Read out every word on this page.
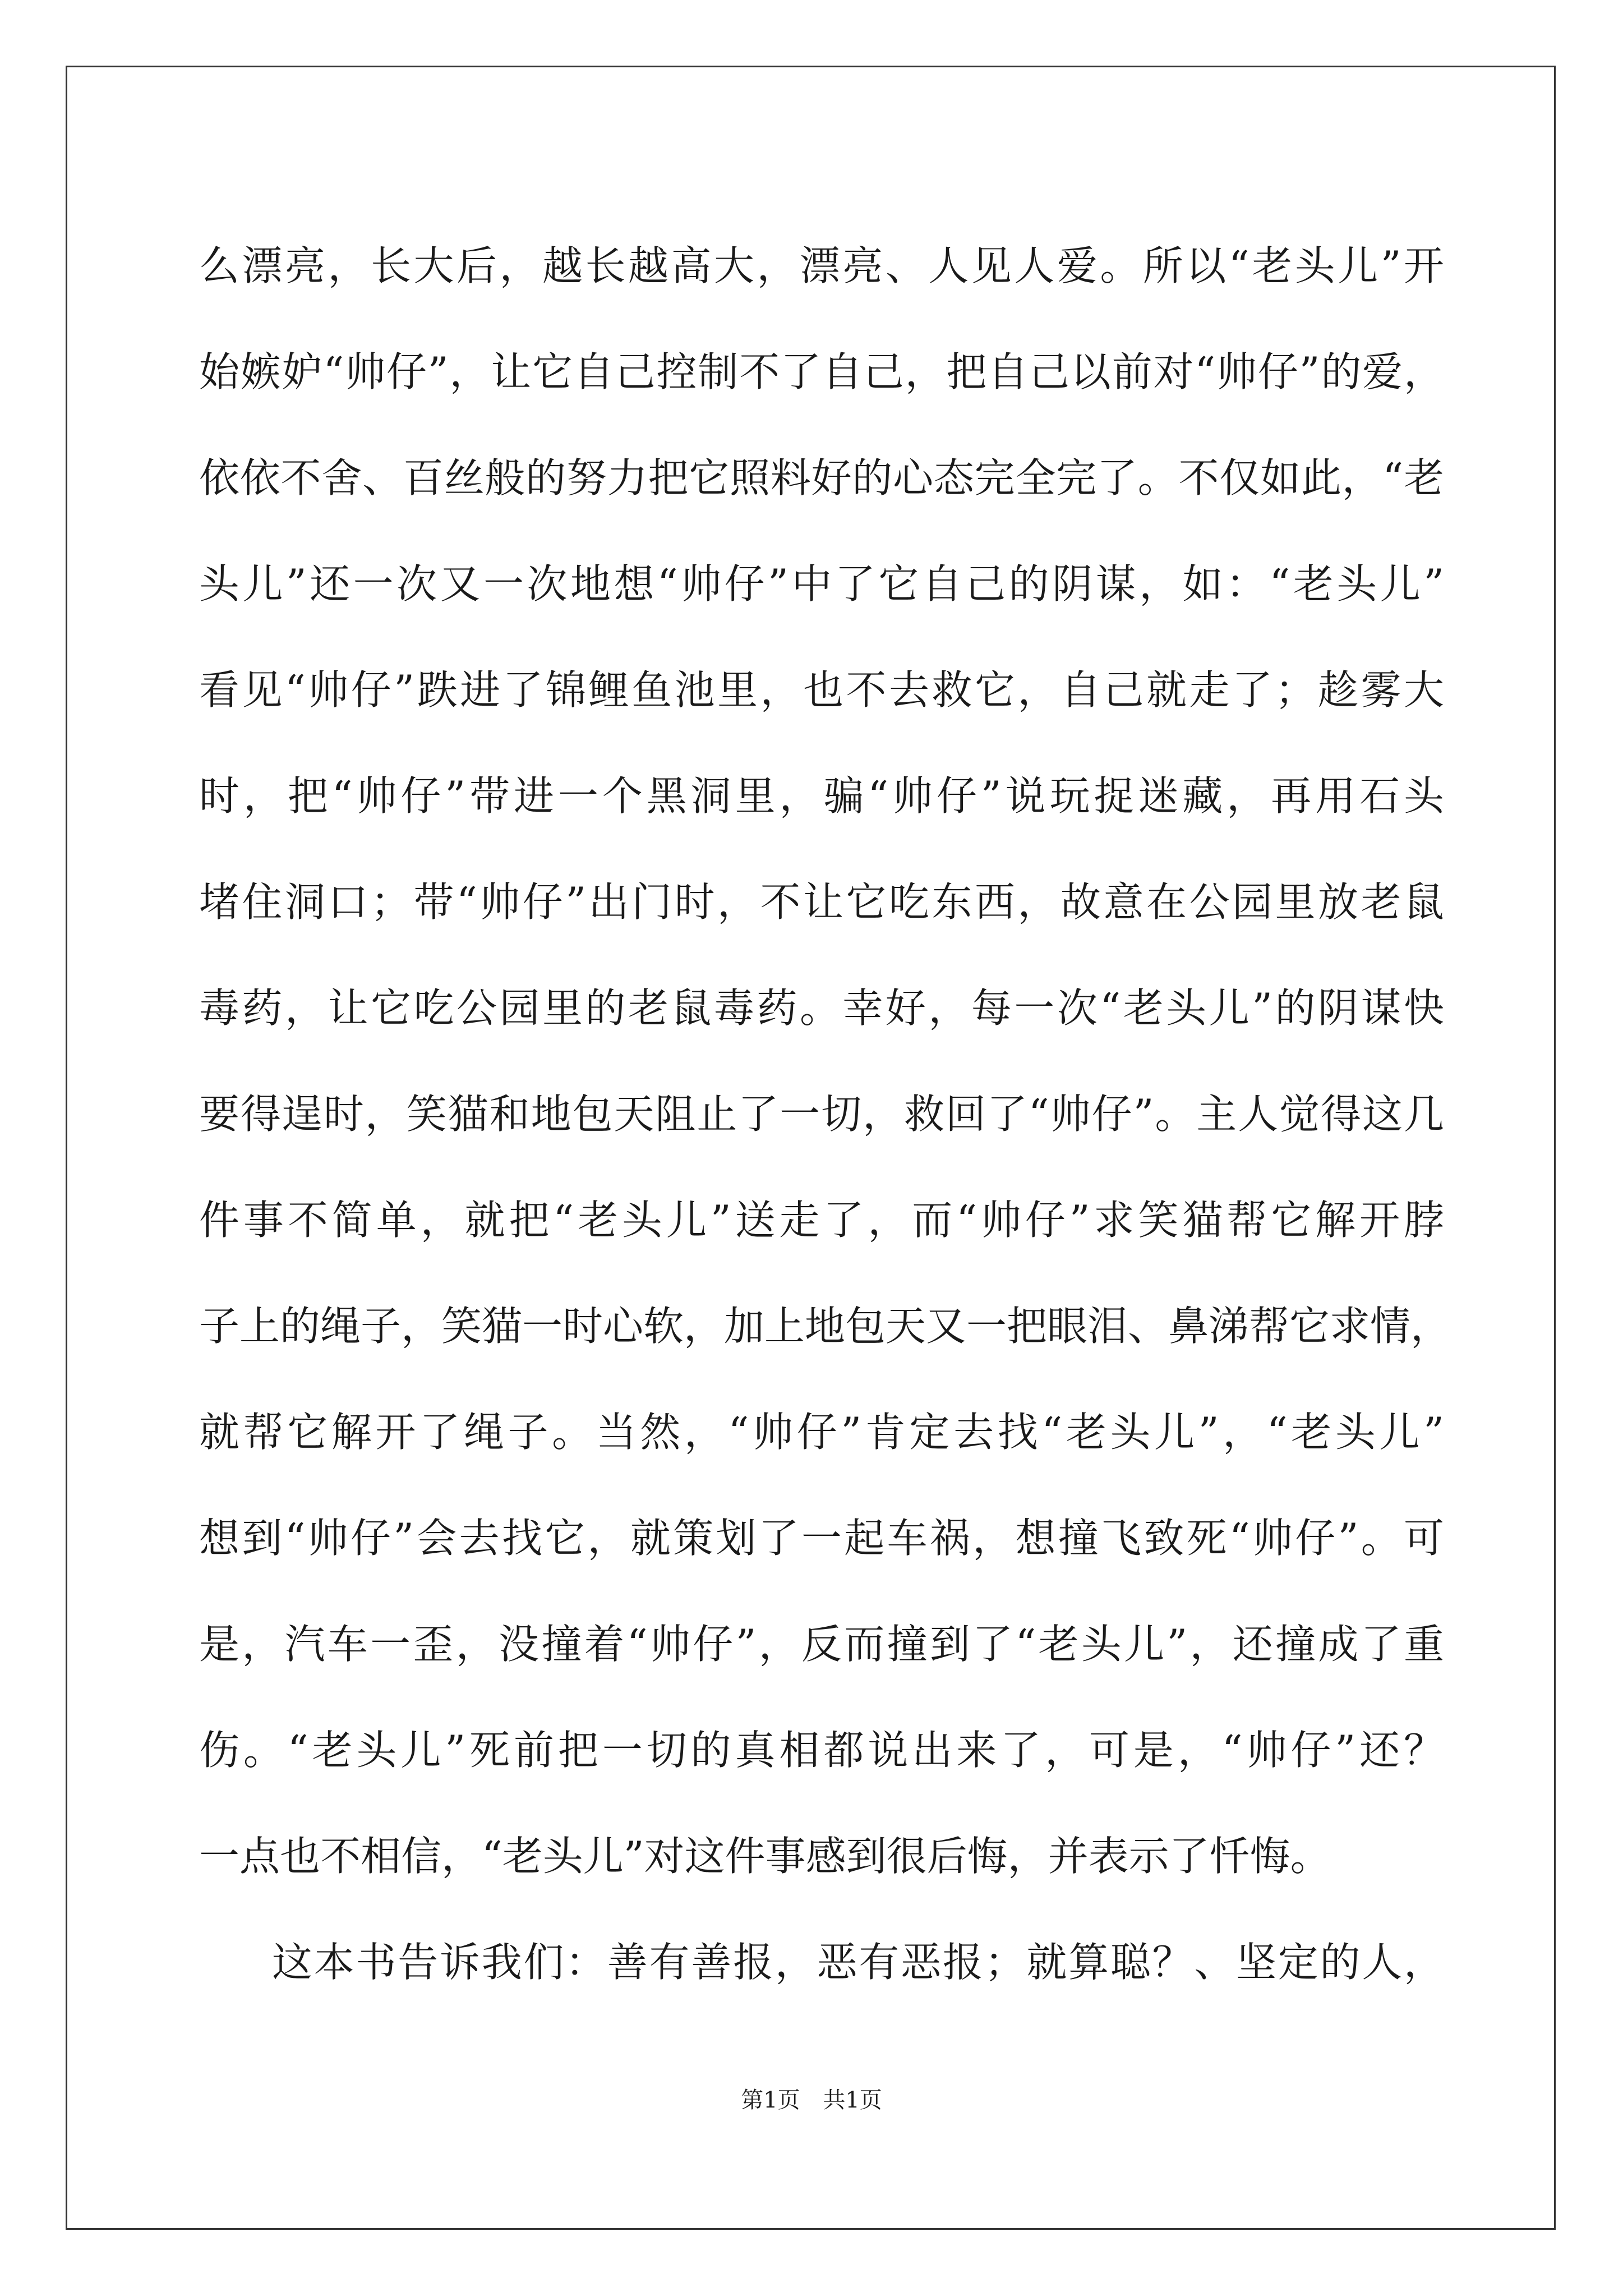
么漂亮，长大后，越长越高大，漂亮、人见人爱。所以“老头儿”开
始嫉妒“帅仔”，让它自己控制不了自己，把自己以前对“帅仔”的爱，
依依不舍、百丝般的努力把它照料好的心态完全完了。不仅如此，“老
头儿”还一次又一次地想“帅仔”中了它自己的阴谋，如：“老头儿”
看见“帅仔”跌进了锦鲤鱼池里，也不去救它，自己就走了；趁雾大
时，把“帅仔”带进一个黑洞里，骗“帅仔”说玩捉迷藏，再用石头
堵住洞口；带“帅仔”出门时，不让它吃东西，故意在公园里放老鼠
毒药，让它吃公园里的老鼠毒药。幸好，每一次“老头儿”的阴谋快
要得逞时，笑猫和地包天阻止了一切，救回了“帅仔”。主人觉得这几
件事不简单，就把“老头儿”送走了，而“帅仔”求笑猫帮它解开脖
子上的绳子，笑猫一时心软，加上地包天又一把眼泪、鼻涕帮它求情，
就帮它解开了绳子。当然，“帅仔”肯定去找“老头儿”，“老头儿”
想到“帅仔”会去找它，就策划了一起车祸，想撞飞致死“帅仔”。可
是，汽车一歪，没撞着“帅仔”，反而撞到了“老头儿”，还撞成了重
伤。“老头儿”死前把一切的真相都说出来了，可是，“帅仔”还？
一点也不相信，“老头儿”对这件事感到很后悔，并表示了忏悔。
这本书告诉我们：善有善报，恶有恶报；就算聪？、坚定的人，
第1页 共1页
